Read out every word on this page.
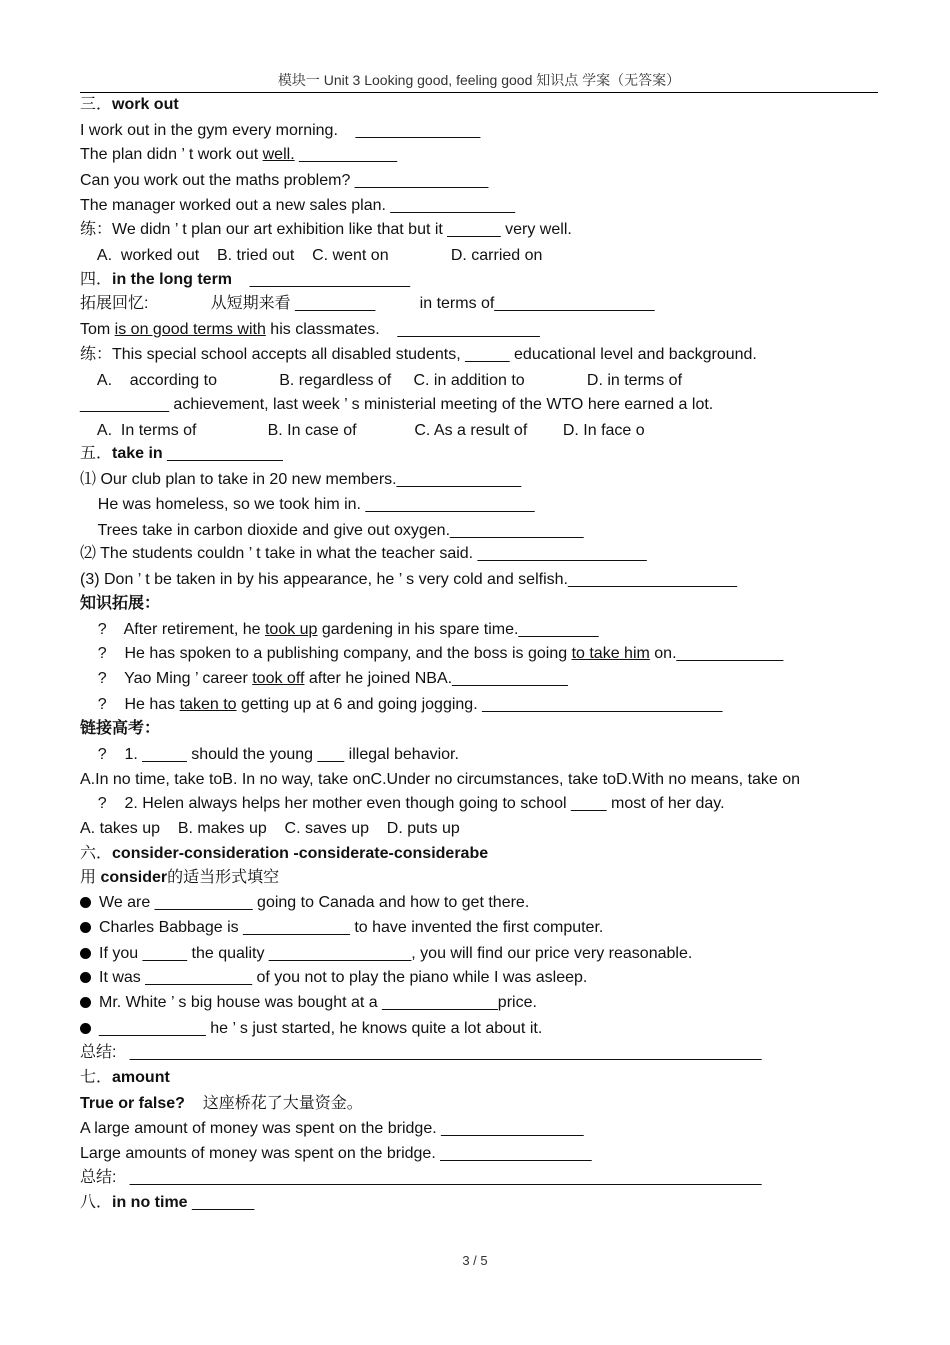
模块一 Unit 3 Looking good, feeling good 知识点 学案（无答案）
三．work out
I work out in the gym every morning.    ______________
The plan didn ’ t work out well. ___________
Can you work out the maths problem? _______________
The manager worked out a new sales plan. ______________
练：We didn ’ t plan our art exhibition like that but it ______ very well.
A.  worked out    B. tried out    C. went on              D. carried on
四．in the long term    __________________
拓展回忆:              从短期来看 _________          in terms of__________________
Tom is on good terms with his classmates.    ________________
练：This special school accepts all disabled students, _____ educational level and background.
A.    according to              B. regardless of     C. in addition to              D. in terms of
__________ achievement, last week ’ s ministerial meeting of the WTO here earned a lot.
A.  In terms of                B. In case of             C. As a result of        D. In face o
五．take in _____________
⑴ Our club plan to take in 20 new members.______________
He was homeless, so we took him in. ___________________
Trees take in carbon dioxide and give out oxygen._______________
⑵ The students couldn ’ t take in what the teacher said. ___________________
(3) Don ’ t be taken in by his appearance, he ’ s very cold and selfish.___________________
知识拓展：
?    After retirement, he took up gardening in his spare time._________
?    He has spoken to a publishing company, and the boss is going to take him on.____________
?    Yao Ming ’ career took off after he joined NBA._____________
?    He has taken to getting up at 6 and going jogging. ___________________________
链接高考：
?    1. _____ should the young ___ illegal behavior.
A.In no time, take toB. In no way, take onC.Under no circumstances, take toD.With no means, take on
?    2. Helen always helps her mother even though going to school ____ most of her day.
A. takes up    B. makes up    C. saves up    D. puts up
六．consider-consideration -considerate-considerabe
用 consider的适当形式填空
We are ___________ going to Canada and how to get there.
Charles Babbage is ____________ to have invented the first computer.
If you _____ the quality ________________, you will find our price very reasonable.
It was ____________ of you not to play the piano while I was asleep.
Mr. White ’ s big house was bought at a _____________price.
____________ he ’ s just started, he knows quite a lot about it.
总结:   _______________________________________________________________________
七．amount
True or false?    这座桥花了大量资金。
A large amount of money was spent on the bridge. ________________
Large amounts of money was spent on the bridge. _________________
总结:   _______________________________________________________________________
八．in no time _______
3 / 5
